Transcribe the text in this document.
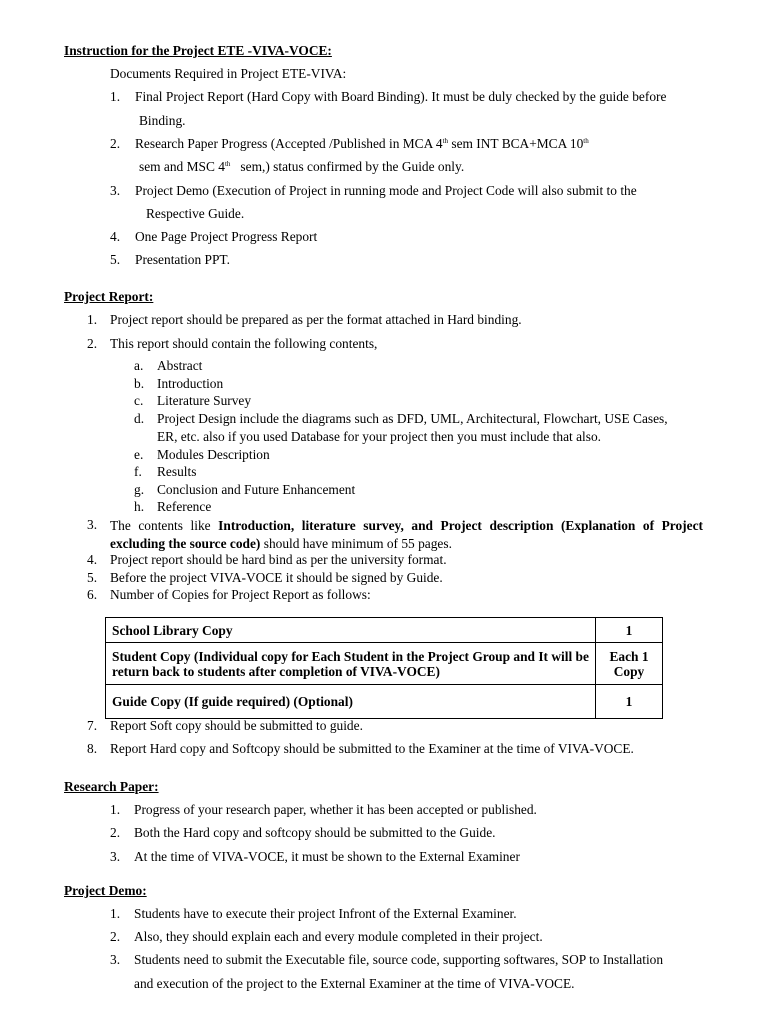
Instruction for the Project ETE -VIVA-VOCE:
Documents Required in Project ETE-VIVA:
1. Final Project Report (Hard Copy with Board Binding). It must be duly checked by the guide before
Binding.
2. Research Paper Progress (Accepted /Published in MCA 4th sem INT BCA+MCA 10th
sem and MSC 4th   sem,) status confirmed by the Guide only.
3. Project Demo (Execution of Project in running mode and Project Code will also submit to the
Respective Guide.
4. One Page Project Progress Report
5. Presentation PPT.
Project Report:
1. Project report should be prepared as per the format attached in Hard binding.
2. This report should contain the following contents,
a. Abstract
b. Introduction
c. Literature Survey
d. Project Design include the diagrams such as DFD, UML, Architectural, Flowchart, USE Cases,
ER, etc. also if you used Database for your project then you must include that also.
e. Modules Description
f. Results
g. Conclusion and Future Enhancement
h. Reference
3. The contents like Introduction, literature survey, and Project description (Explanation of Project excluding the source code) should have minimum of 55 pages.
4. Project report should be hard bind as per the university format.
5. Before the project VIVA-VOCE it should be signed by Guide.
6. Number of Copies for Project Report as follows:
School Library Copy	1
Student Copy (Individual copy for Each Student in the Project Group and It will be return back to students after completion of VIVA-VOCE)	Each 1 Copy
Guide Copy (If guide required) (Optional)	1
7. Report Soft copy should be submitted to guide.
8. Report Hard copy and Softcopy should be submitted to the Examiner at the time of VIVA-VOCE.
Research Paper:
1. Progress of your research paper, whether it has been accepted or published.
2. Both the Hard copy and softcopy should be submitted to the Guide.
3. At the time of VIVA-VOCE, it must be shown to the External Examiner
Project Demo:
1. Students have to execute their project Infront of the External Examiner.
2. Also, they should explain each and every module completed in their project.
3. Students need to submit the Executable file, source code, supporting softwares, SOP to Installation
and execution of the project to the External Examiner at the time of VIVA-VOCE.
